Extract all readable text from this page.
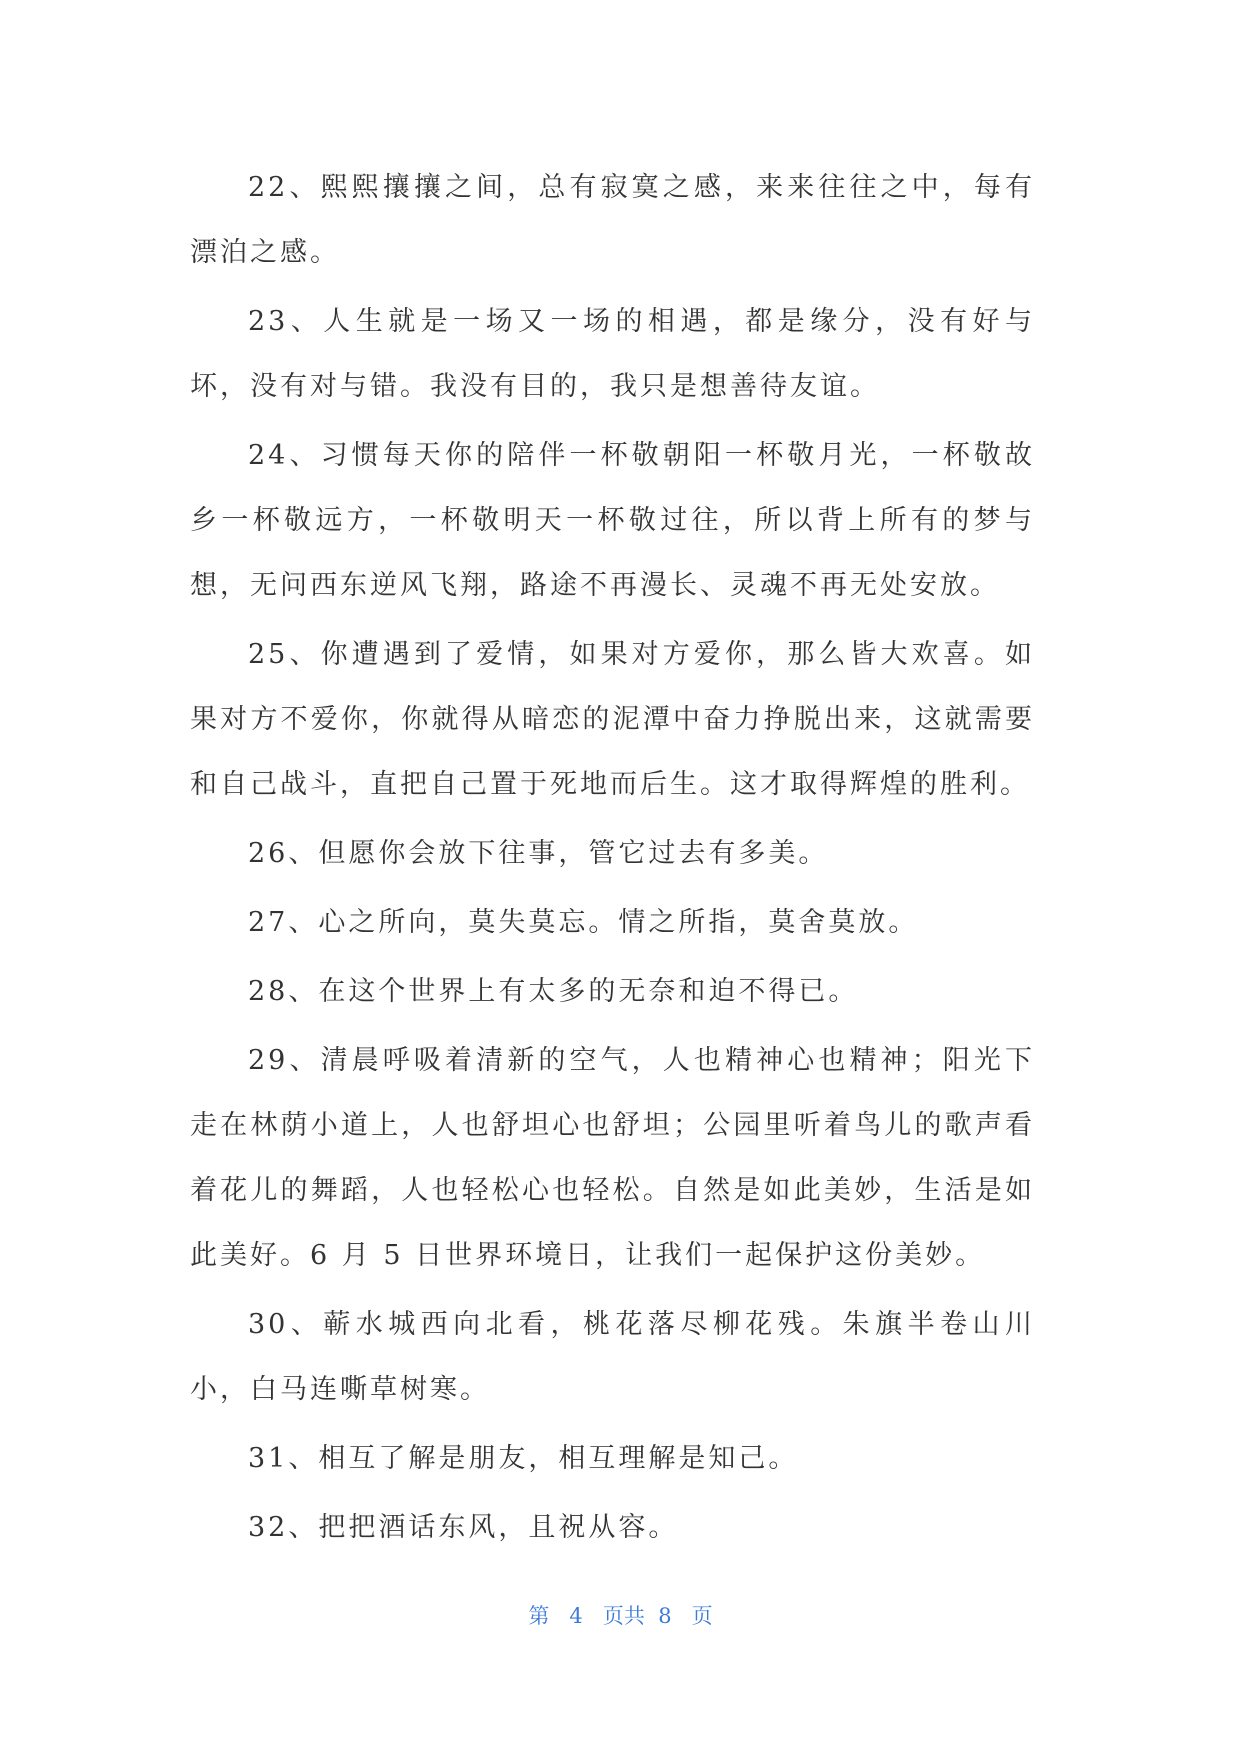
22、熙熙攘攘之间，总有寂寞之感，来来往往之中，每有漂泊之感。

23、人生就是一场又一场的相遇，都是缘分，没有好与坏，没有对与错。我没有目的，我只是想善待友谊。

24、习惯每天你的陪伴一杯敬朝阳一杯敬月光，一杯敬故乡一杯敬远方，一杯敬明天一杯敬过往，所以背上所有的梦与想，无问西东逆风飞翔，路途不再漫长、灵魂不再无处安放。

25、你遭遇到了爱情，如果对方爱你，那么皆大欢喜。如果对方不爱你，你就得从暗恋的泥潭中奋力挣脱出来，这就需要和自己战斗，直把自己置于死地而后生。这才取得辉煌的胜利。

26、但愿你会放下往事，管它过去有多美。

27、心之所向，莫失莫忘。情之所指，莫舍莫放。

28、在这个世界上有太多的无奈和迫不得已。

29、清晨呼吸着清新的空气，人也精神心也精神；阳光下走在林荫小道上，人也舒坦心也舒坦；公园里听着鸟儿的歌声看着花儿的舞蹈，人也轻松心也轻松。自然是如此美妙，生活是如此美好。6 月 5 日世界环境日，让我们一起保护这份美妙。

30、蕲水城西向北看，桃花落尽柳花残。朱旗半卷山川小，白马连嘶草树寒。

31、相互了解是朋友，相互理解是知己。

32、把把酒话东风，且祝从容。

第 4 页共 8 页
